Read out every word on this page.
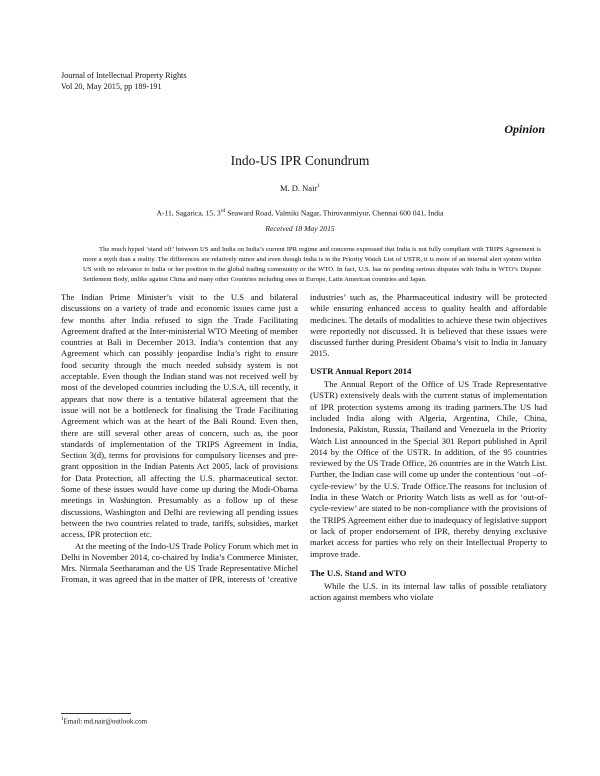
Journal of Intellectual Property Rights
Vol 20, May 2015, pp 189-191
Opinion
Indo-US IPR Conundrum
M. D. Nair$^1$
A-11, Sagarica, 15, 3rd Seaward Road, Valmiki Nagar, Thiruvanmiyur, Chennai 600 041, India
Received 18 May 2015
The much hyped ‘stand off’ between US and India on India’s current IPR regime and concerns expressed that India is not fully compliant with TRIPS Agreement is more a myth than a reality. The differences are relatively minor and even though India is in the Priority Watch List of USTR, it is more of an internal alert system within US with no relevance to India or her position in the global trading community or the WTO. In fact, U.S. has no pending serious disputes with India in WTO’s Dispute Settlement Body, unlike against China and many other Countries including ones in Europe, Latin American countries and Japan.

The Indian Prime Minister’s visit to the U.S and bilateral discussions on a variety of trade and economic issues came just a few months after India refused to sign the Trade Facilitating Agreement drafted at the Inter-ministerial WTO Meeting of member countries at Bali in December 2013. India’s contention that any Agreement which can possibly jeopardise India’s right to ensure food security through the much needed subsidy system is not acceptable. Even though the Indian stand was not received well by most of the developed countries including the U.S.A, till recently, it appears that now there is a tentative bilateral agreement that the issue will not be a bottleneck for finalising the Trade Facilitating Agreement which was at the heart of the Bali Round. Even then, there are still several other areas of concern, such as, the poor standards of implementation of the TRIPS Agreement in India, Section 3(d), terms for provisions for compulsory licenses and pre-grant opposition in the Indian Patents Act 2005, lack of provisions for Data Protection, all affecting the U.S. pharmaceutical sector. Some of these issues would have come up during the Modi-Obama meetings in Washington. Presumably as a follow up of these discussions, Washington and Delhi are reviewing all pending issues between the two countries related to trade, tariffs, subsidies, market access, IPR protection etc.

At the meeting of the Indo-US Trade Policy Forum which met in Delhi in November 2014, co-chaired by India’s Commerce Minister, Mrs. Nirmala Seetharaman and the US Trade Representative Michel Froman, it was agreed that in the matter of IPR, interests of ‘creative

industries’ such as, the Pharmaceutical industry will be protected while ensuring enhanced access to quality health and affordable medicines. The details of modalities to achieve these twin objectives were reportedly not discussed. It is believed that these issues were discussed further during President Obama’s visit to India in January 2015.

USTR Annual Report 2014

The Annual Report of the Office of US Trade Representative (USTR) extensively deals with the current status of implementation of IPR protection systems among its trading partners.The US had included India along with Algeria, Argentina, Chile, China, Indonesia, Pakistan, Russia, Thailand and Venezuela in the Priority Watch List announced in the Special 301 Report published in April 2014 by the Office of the USTR. In addition, of the 95 countries reviewed by the US Trade Office, 26 countries are in the Watch List. Further, the Indian case will come up under the contentious ‘out –of-cycle-review’ by the U.S. Trade Office.The reasons for inclusion of India in these Watch or Priority Watch lists as well as for ‘out-of-cycle-review’ are stated to be non-compliance with the provisions of the TRIPS Agreement either due to inadequacy of legislative support or lack of proper endorsement of IPR, thereby denying exclusive market access for parties who rely on their Intellectual Property to improve trade.

The U.S. Stand and WTO

While the U.S. in its internal law talks of possible retaliatory action against members who violate

$^1$Email: md.nair@outlook.com
